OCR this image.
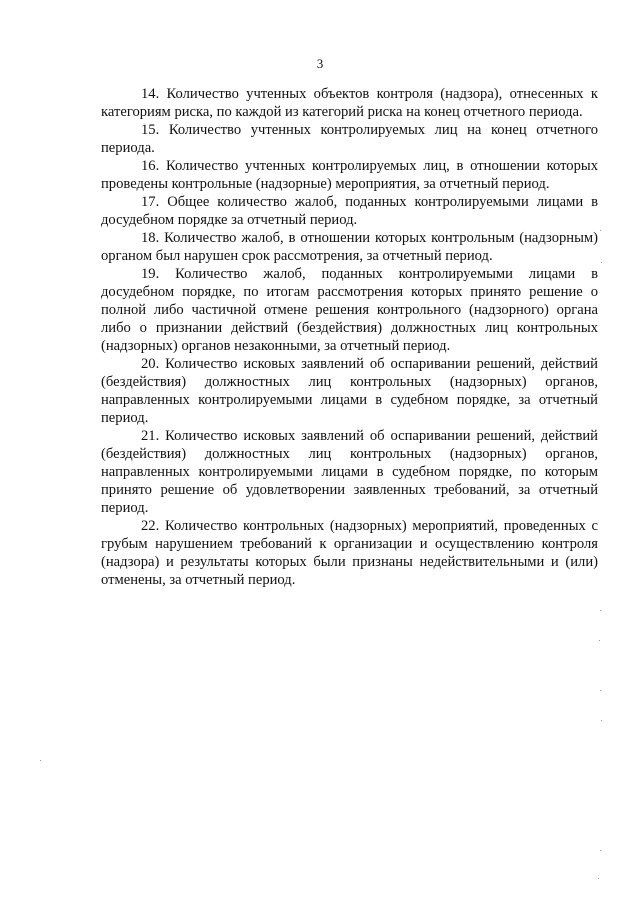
3

14. Количество учтенных объектов контроля (надзора), отнесенных к категориям риска, по каждой из категорий риска на конец отчетного периода.

15. Количество учтенных контролируемых лиц на конец отчетного периода.

16. Количество учтенных контролируемых лиц, в отношении которых проведены контрольные (надзорные) мероприятия, за отчетный период.

17. Общее количество жалоб, поданных контролируемыми лицами в досудебном порядке за отчетный период.

18. Количество жалоб, в отношении которых контрольным (надзорным) органом был нарушен срок рассмотрения, за отчетный период.

19. Количество жалоб, поданных контролируемыми лицами в досудебном порядке, по итогам рассмотрения которых принято решение о полной либо частичной отмене решения контрольного (надзорного) органа либо о признании действий (бездействия) должностных лиц контрольных (надзорных) органов незаконными, за отчетный период.

20. Количество исковых заявлений об оспаривании решений, действий (бездействия) должностных лиц контрольных (надзорных) органов, направленных контролируемыми лицами в судебном порядке, за отчетный период.

21. Количество исковых заявлений об оспаривании решений, действий (бездействия) должностных лиц контрольных (надзорных) органов, направленных контролируемыми лицами в судебном порядке, по которым принято решение об удовлетворении заявленных требований, за отчетный период.

22. Количество контрольных (надзорных) мероприятий, проведенных с грубым нарушением требований к организации и осуществлению контроля (надзора) и результаты которых были признаны недействительными и (или) отменены, за отчетный период.
